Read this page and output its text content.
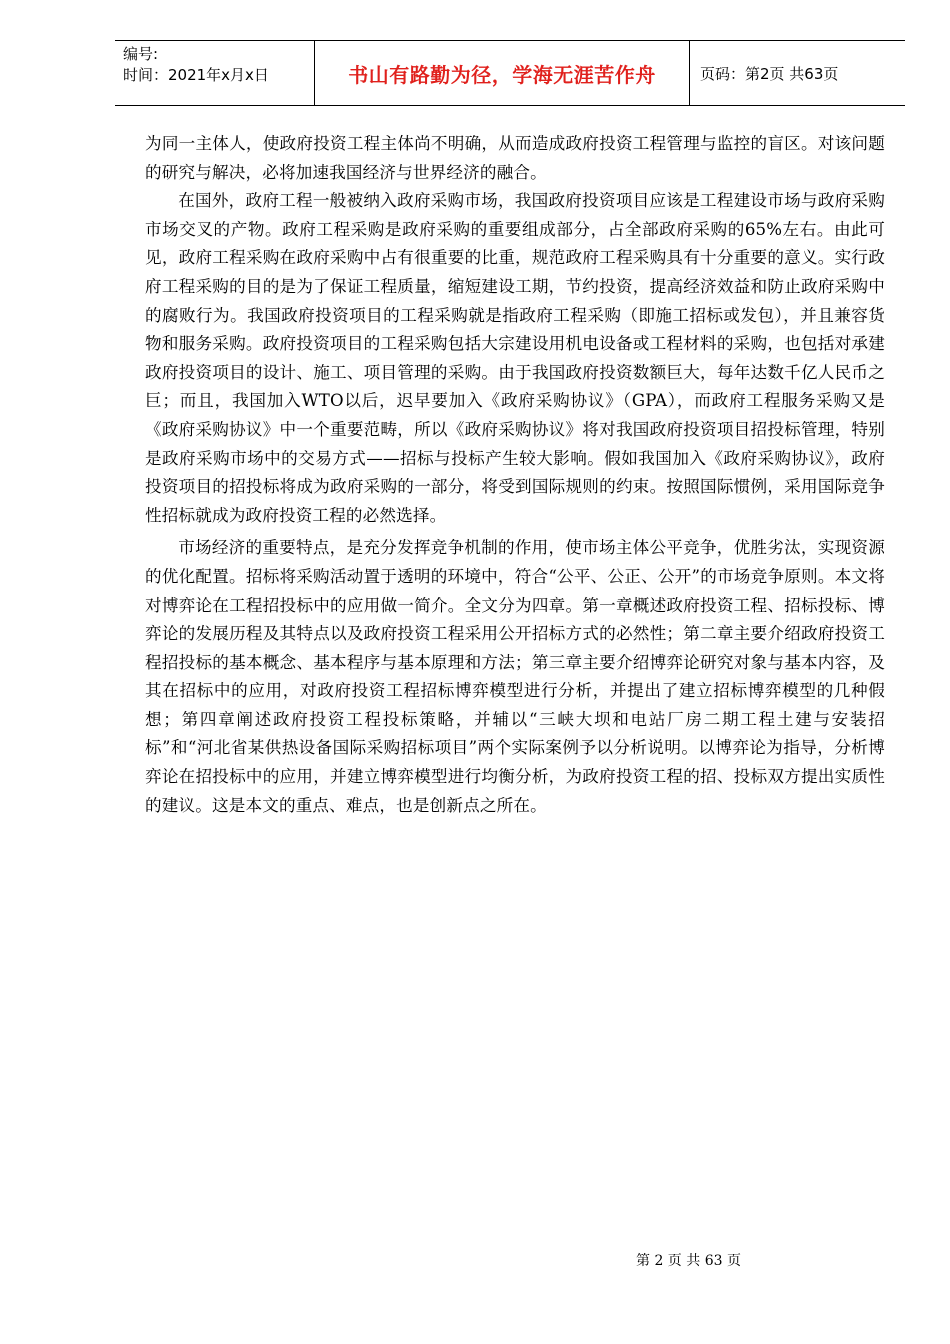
编号:
时间：2021年x月x日	书山有路勤为径，学海无涯苦作舟	页码：第2页 共63页

为同一主体人，使政府投资工程主体尚不明确，从而造成政府投资工程管理与监控的盲区。对该问题的研究与解决，必将加速我国经济与世界经济的融合。

在国外，政府工程一般被纳入政府采购市场，我国政府投资项目应该是工程建设市场与政府采购市场交叉的产物。政府工程采购是政府采购的重要组成部分，占全部政府采购的65%左右。由此可见，政府工程采购在政府采购中占有很重要的比重，规范政府工程采购具有十分重要的意义。实行政府工程采购的目的是为了保证工程质量，缩短建设工期，节约投资，提高经济效益和防止政府采购中的腐败行为。我国政府投资项目的工程采购就是指政府工程采购（即施工招标或发包），并且兼容货物和服务采购。政府投资项目的工程采购包括大宗建设用机电设备或工程材料的采购，也包括对承建政府投资项目的设计、施工、项目管理的采购。由于我国政府投资数额巨大，每年达数千亿人民币之巨；而且，我国加入WTO以后，迟早要加入《政府采购协议》（GPA），而政府工程服务采购又是《政府采购协议》中一个重要范畴，所以《政府采购协议》将对我国政府投资项目招投标管理，特别是政府采购市场中的交易方式——招标与投标产生较大影响。假如我国加入《政府采购协议》，政府投资项目的招投标将成为政府采购的一部分，将受到国际规则的约束。按照国际惯例，采用国际竞争性招标就成为政府投资工程的必然选择。

市场经济的重要特点，是充分发挥竞争机制的作用，使市场主体公平竞争，优胜劣汰，实现资源的优化配置。招标将采购活动置于透明的环境中，符合“公平、公正、公开”的市场竞争原则。本文将对博弈论在工程招投标中的应用做一简介。全文分为四章。第一章概述政府投资工程、招标投标、博弈论的发展历程及其特点以及政府投资工程采用公开招标方式的必然性；第二章主要介绍政府投资工程招投标的基本概念、基本程序与基本原理和方法；第三章主要介绍博弈论研究对象与基本内容，及其在招标中的应用，对政府投资工程招标博弈模型进行分析，并提出了建立招标博弈模型的几种假想；第四章阐述政府投资工程投标策略，并辅以“三峡大坝和电站厂房二期工程土建与安装招标”和“河北省某供热设备国际采购招标项目”两个实际案例予以分析说明。以博弈论为指导，分析博弈论在招投标中的应用，并建立博弈模型进行均衡分析，为政府投资工程的招、投标双方提出实质性的建议。这是本文的重点、难点，也是创新点之所在。

第 2 页 共 63 页
